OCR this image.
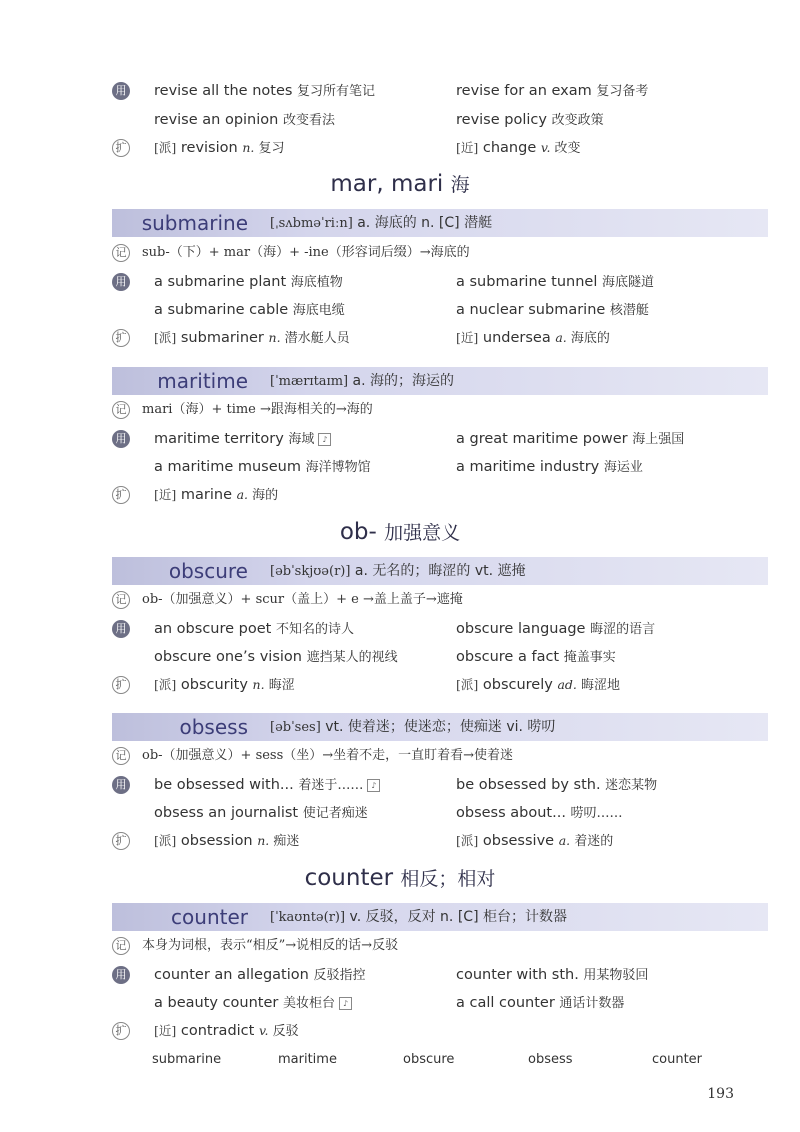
用 revise all the notes 复习所有笔记	revise for an exam 复习备考
revise an opinion 改变看法	revise policy 改变政策
扩 [派] revision n. 复习	[近] change v. 改变
mar, mari 海
submarine [ˌsʌbməˈriːn] a. 海底的 n. [C] 潜艇
记 sub-（下）+ mar（海）+ -ine（形容词后缀）→海底的
用 a submarine plant 海底植物	a submarine tunnel 海底隧道
a submarine cable 海底电缆	a nuclear submarine 核潜艇
扩 [派] submariner n. 潜水艇人员	[近] undersea a. 海底的
maritime [ˈmærɪtaɪm] a. 海的；海运的
记 mari（海）+ time →跟海相关的→海的
用 maritime territory 海域 ♪	a great maritime power 海上强国
a maritime museum 海洋博物馆	a maritime industry 海运业
扩 [近] marine a. 海的
ob- 加强意义
obscure [əbˈskjʊə(r)] a. 无名的；晦涩的 vt. 遮掩
记 ob-（加强意义）+ scur（盖上）+ e →盖上盖子→遮掩
用 an obscure poet 不知名的诗人	obscure language 晦涩的语言
obscure one’s vision 遮挡某人的视线	obscure a fact 掩盖事实
扩 [派] obscurity n. 晦涩	[派] obscurely ad. 晦涩地
obsess [əbˈses] vt. 使着迷；使迷恋；使痴迷 vi. 唠叨
记 ob-（加强意义）+ sess（坐）→坐着不走，一直盯着看→使着迷
用 be obsessed with... 着迷于…… ♪	be obsessed by sth. 迷恋某物
obsess an journalist 使记者痴迷	obsess about... 唠叨……
扩 [派] obsession n. 痴迷	[派] obsessive a. 着迷的
counter 相反；相对
counter [ˈkaʊntə(r)] v. 反驳，反对 n. [C] 柜台；计数器
记 本身为词根，表示“相反”→说相反的话→反驳
用 counter an allegation 反驳指控	counter with sth. 用某物驳回
a beauty counter 美妆柜台 ♪	a call counter 通话计数器
扩 [近] contradict v. 反驳
submarine	maritime	obscure	obsess	counter
193
